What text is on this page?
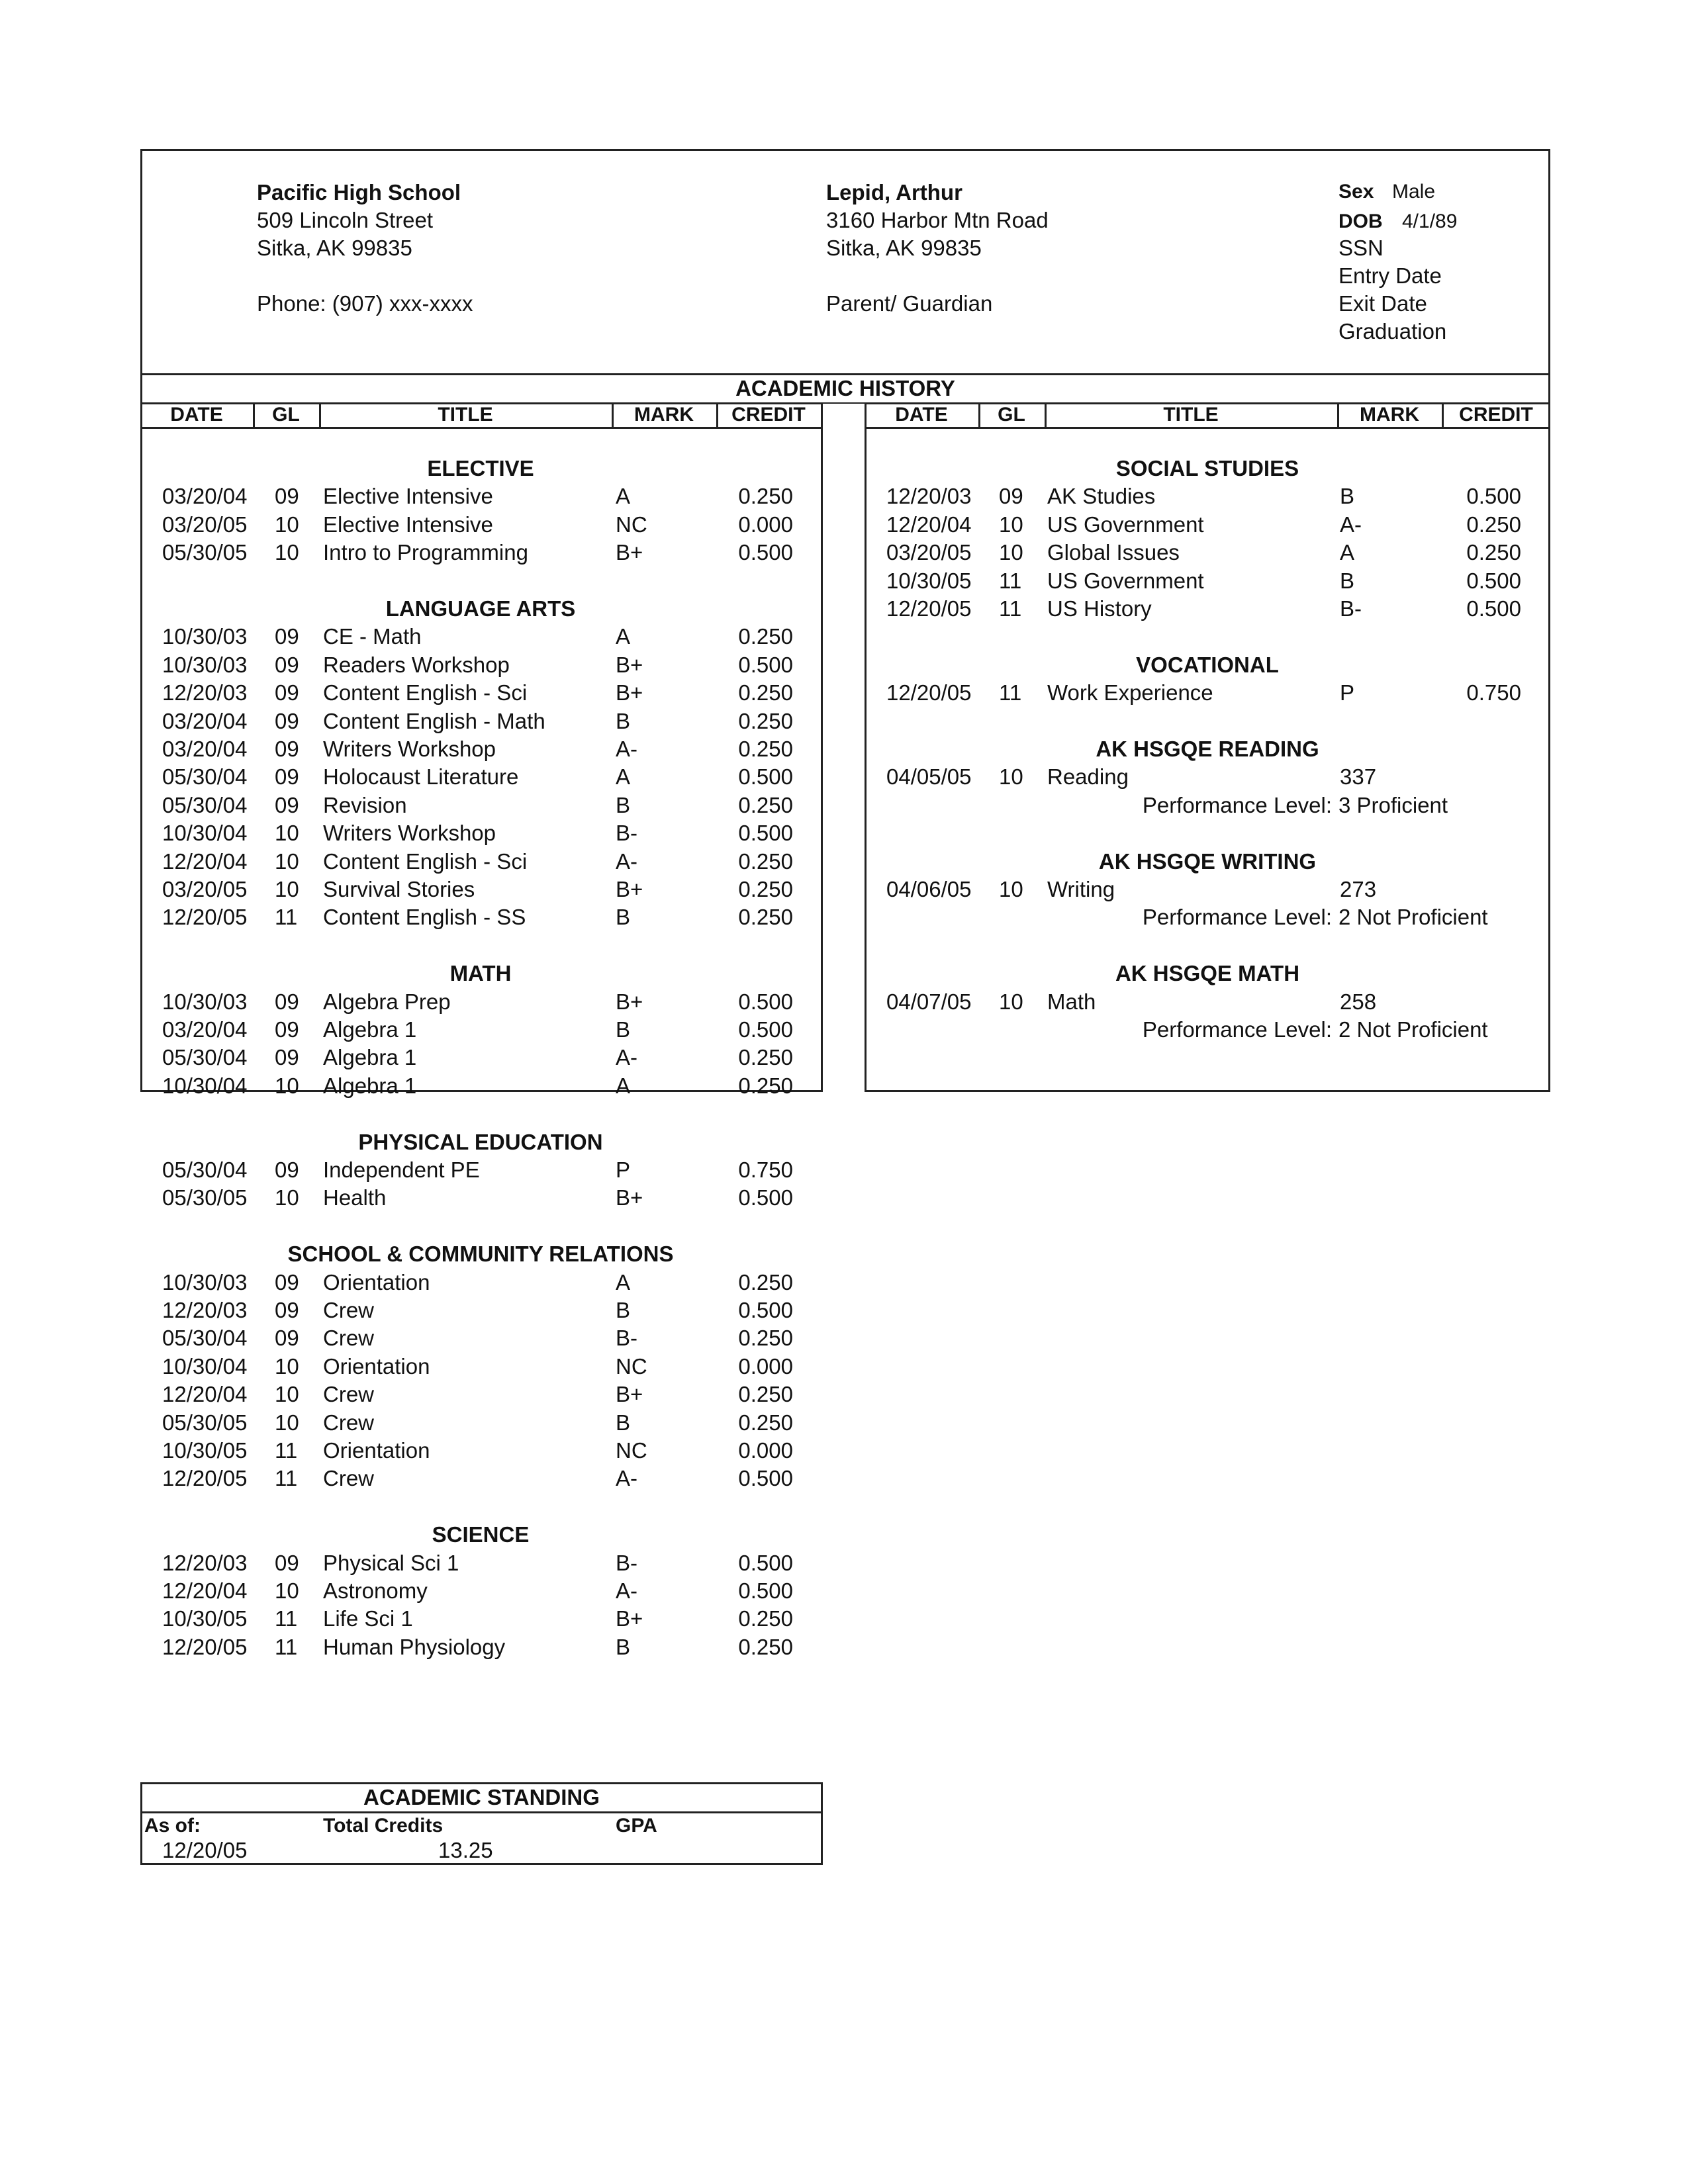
Pacific High School
509 Lincoln Street
Sitka, AK 99835
Phone: (907) xxx-xxxx
Lepid, Arthur
3160 Harbor Mtn Road
Sitka, AK 99835
Parent/ Guardian
Sex Male
DOB 4/1/89
SSN
Entry Date
Exit Date
Graduation
ACADEMIC HISTORY
DATE	GL	TITLE	MARK	CREDIT	DATE	GL	TITLE	MARK	CREDIT
ELECTIVE
03/20/04 09 Elective Intensive	A	0.250
03/20/05 10 Elective Intensive	NC	0.000
05/30/05 10 Intro to Programming	B+	0.500
LANGUAGE ARTS
10/30/03 09 CE - Math	A	0.250
10/30/03 09 Readers Workshop	B+	0.500
12/20/03 09 Content English - Sci	B+	0.250
03/20/04 09 Content English - Math	B	0.250
03/20/04 09 Writers Workshop	A-	0.250
05/30/04 09 Holocaust Literature	A	0.500
05/30/04 09 Revision	B	0.250
10/30/04 10 Writers Workshop	B-	0.500
12/20/04 10 Content English - Sci	A-	0.250
03/20/05 10 Survival Stories	B+	0.250
12/20/05 11 Content English - SS	B	0.250
MATH
10/30/03 09 Algebra Prep	B+	0.500
03/20/04 09 Algebra 1	B	0.500
05/30/04 09 Algebra 1	A-	0.250
10/30/04 10 Algebra 1	A	0.250
PHYSICAL EDUCATION
05/30/04 09 Independent PE	P	0.750
05/30/05 10 Health	B+	0.500
SCHOOL & COMMUNITY RELATIONS
10/30/03 09 Orientation	A	0.250
12/20/03 09 Crew	B	0.500
05/30/04 09 Crew	B-	0.250
10/30/04 10 Orientation	NC	0.000
12/20/04 10 Crew	B+	0.250
05/30/05 10 Crew	B	0.250
10/30/05 11 Orientation	NC	0.000
12/20/05 11 Crew	A-	0.500
SCIENCE
12/20/03 09 Physical Sci 1	B-	0.500
12/20/04 10 Astronomy	A-	0.500
10/30/05 11 Life Sci 1	B+	0.250
12/20/05 11 Human Physiology	B	0.250
SOCIAL STUDIES
12/20/03 09 AK Studies	B	0.500
12/20/04 10 US Government	A-	0.250
03/20/05 10 Global Issues	A	0.250
10/30/05 11 US Government	B	0.500
12/20/05 11 US History	B-	0.500
VOCATIONAL
12/20/05 11 Work Experience	P	0.750
AK HSGQE READING
04/05/05 10 Reading	337
Performance Level: 3 Proficient
AK HSGQE WRITING
04/06/05 10 Writing	273
Performance Level: 2 Not Proficient
AK HSGQE MATH
04/07/05 10 Math	258
Performance Level: 2 Not Proficient
ACADEMIC STANDING
As of:	Total Credits	GPA
12/20/05	13.25
